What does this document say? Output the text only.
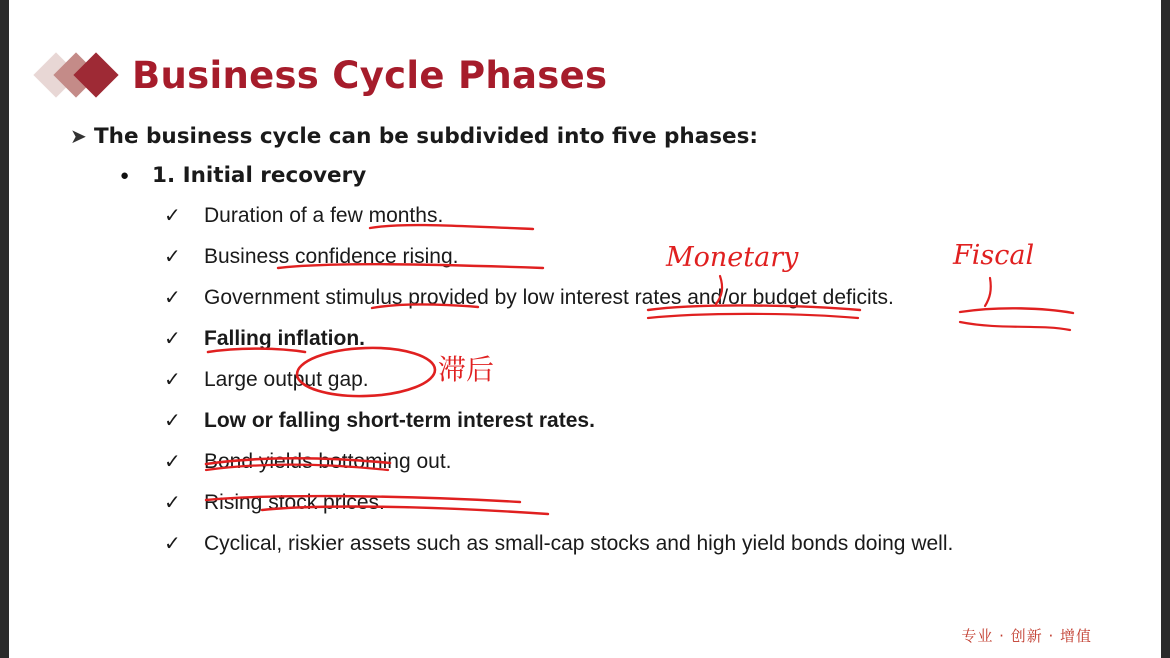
Business Cycle Phases
➤ The business cycle can be subdivided into five phases:
●	1. Initial recovery
✓	Duration of a few months.
✓	Business confidence rising.
✓	Government stimulus provided by low interest rates and/or budget deficits.
✓	Falling inflation.
✓	Large output gap.
✓	Low or falling short-term interest rates.
✓	Bond yields bottoming out.
✓	Rising stock prices.
✓	Cyclical, riskier assets such as small-cap stocks and high yield bonds doing well.
Monetary	Fiscal
滞后
专业 · 创新 · 增值
